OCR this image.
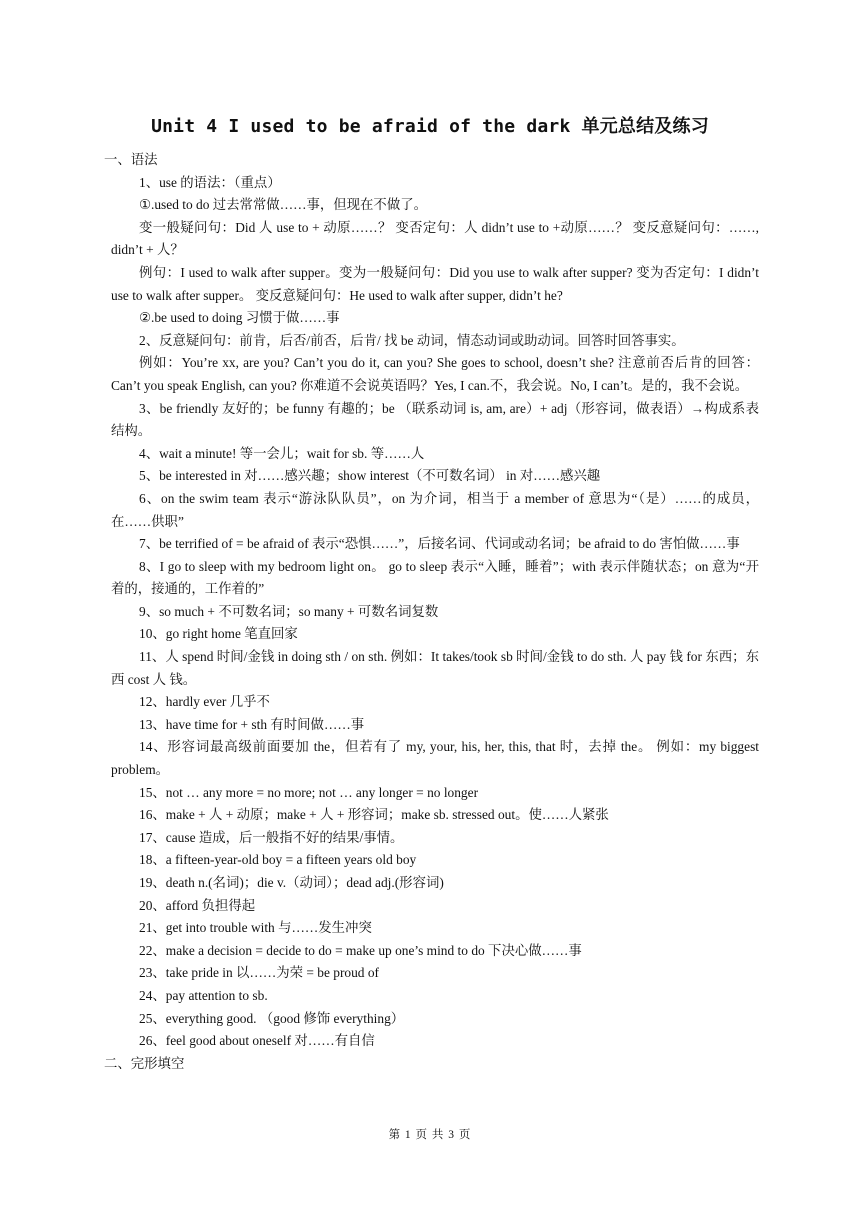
Unit 4 I used to be afraid of the dark 单元总结及练习
一、语法
1、use 的语法：（重点）
①.used to do 过去常常做……事，但现在不做了。
变一般疑问句：Did 人 use to + 动原……？ 变否定句：人 didn’t use to +动原……？ 变反意疑问句：……, didn’t + 人？
例句：I used to walk after supper。变为一般疑问句：Did you use to walk after supper? 变为否定句：I didn’t use to walk after supper。 变反意疑问句：He used to walk after supper, didn’t he?
②.be used to doing 习惯于做……事
2、反意疑问句：前肯，后否/前否，后肯/ 找 be 动词，情态动词或助动词。回答时回答事实。
例如：You’re xx, are you? Can’t you do it, can you? She goes to school, doesn’t she? 注意前否后肯的回答：Can’t you speak English, can you? 你难道不会说英语吗？Yes, I can.不，我会说。No, I can’t。是的，我不会说。
3、be friendly 友好的；be funny 有趣的；be （联系动词 is, am, are）+ adj（形容词，做表语）→构成系表结构。
4、wait a minute! 等一会儿；wait for sb. 等……人
5、be interested in 对……感兴趣；show interest（不可数名词） in 对……感兴趣
6、on the swim team 表示“游泳队队员”，on 为介词，相当于 a member of 意思为“（是）……的成员，在……供职”
7、be terrified of = be afraid of 表示“恐惧……”，后接名词、代词或动名词；be afraid to do 害怕做……事
8、I go to sleep with my bedroom light on。 go to sleep 表示“入睡，睡着”；with 表示伴随状态；on 意为“开着的，接通的，工作着的”
9、so much + 不可数名词；so many + 可数名词复数
10、go right home 笔直回家
11、人 spend 时间/金钱 in doing sth / on sth. 例如：It takes/took sb 时间/金钱 to do sth. 人 pay 钱 for 东西；东西 cost 人 钱。
12、hardly ever 几乎不
13、have time for + sth 有时间做……事
14、形容词最高级前面要加 the，但若有了 my, your, his, her, this, that 时，去掉 the。 例如：my biggest problem。
15、not … any more = no more; not … any longer = no longer
16、make + 人 + 动原；make + 人 + 形容词；make sb. stressed out。使……人紧张
17、cause 造成，后一般指不好的结果/事情。
18、a fifteen-year-old boy = a fifteen years old boy
19、death n.(名词)；die v.（动词）；dead adj.(形容词)
20、afford 负担得起
21、get into trouble with 与……发生冲突
22、make a decision = decide to do = make up one’s mind to do 下决心做……事
23、take pride in 以……为荣 = be proud of
24、pay attention to sb.
25、everything good. （good 修饰 everything）
26、feel good about oneself 对……有自信
二、完形填空
第 1 页 共 3 页
